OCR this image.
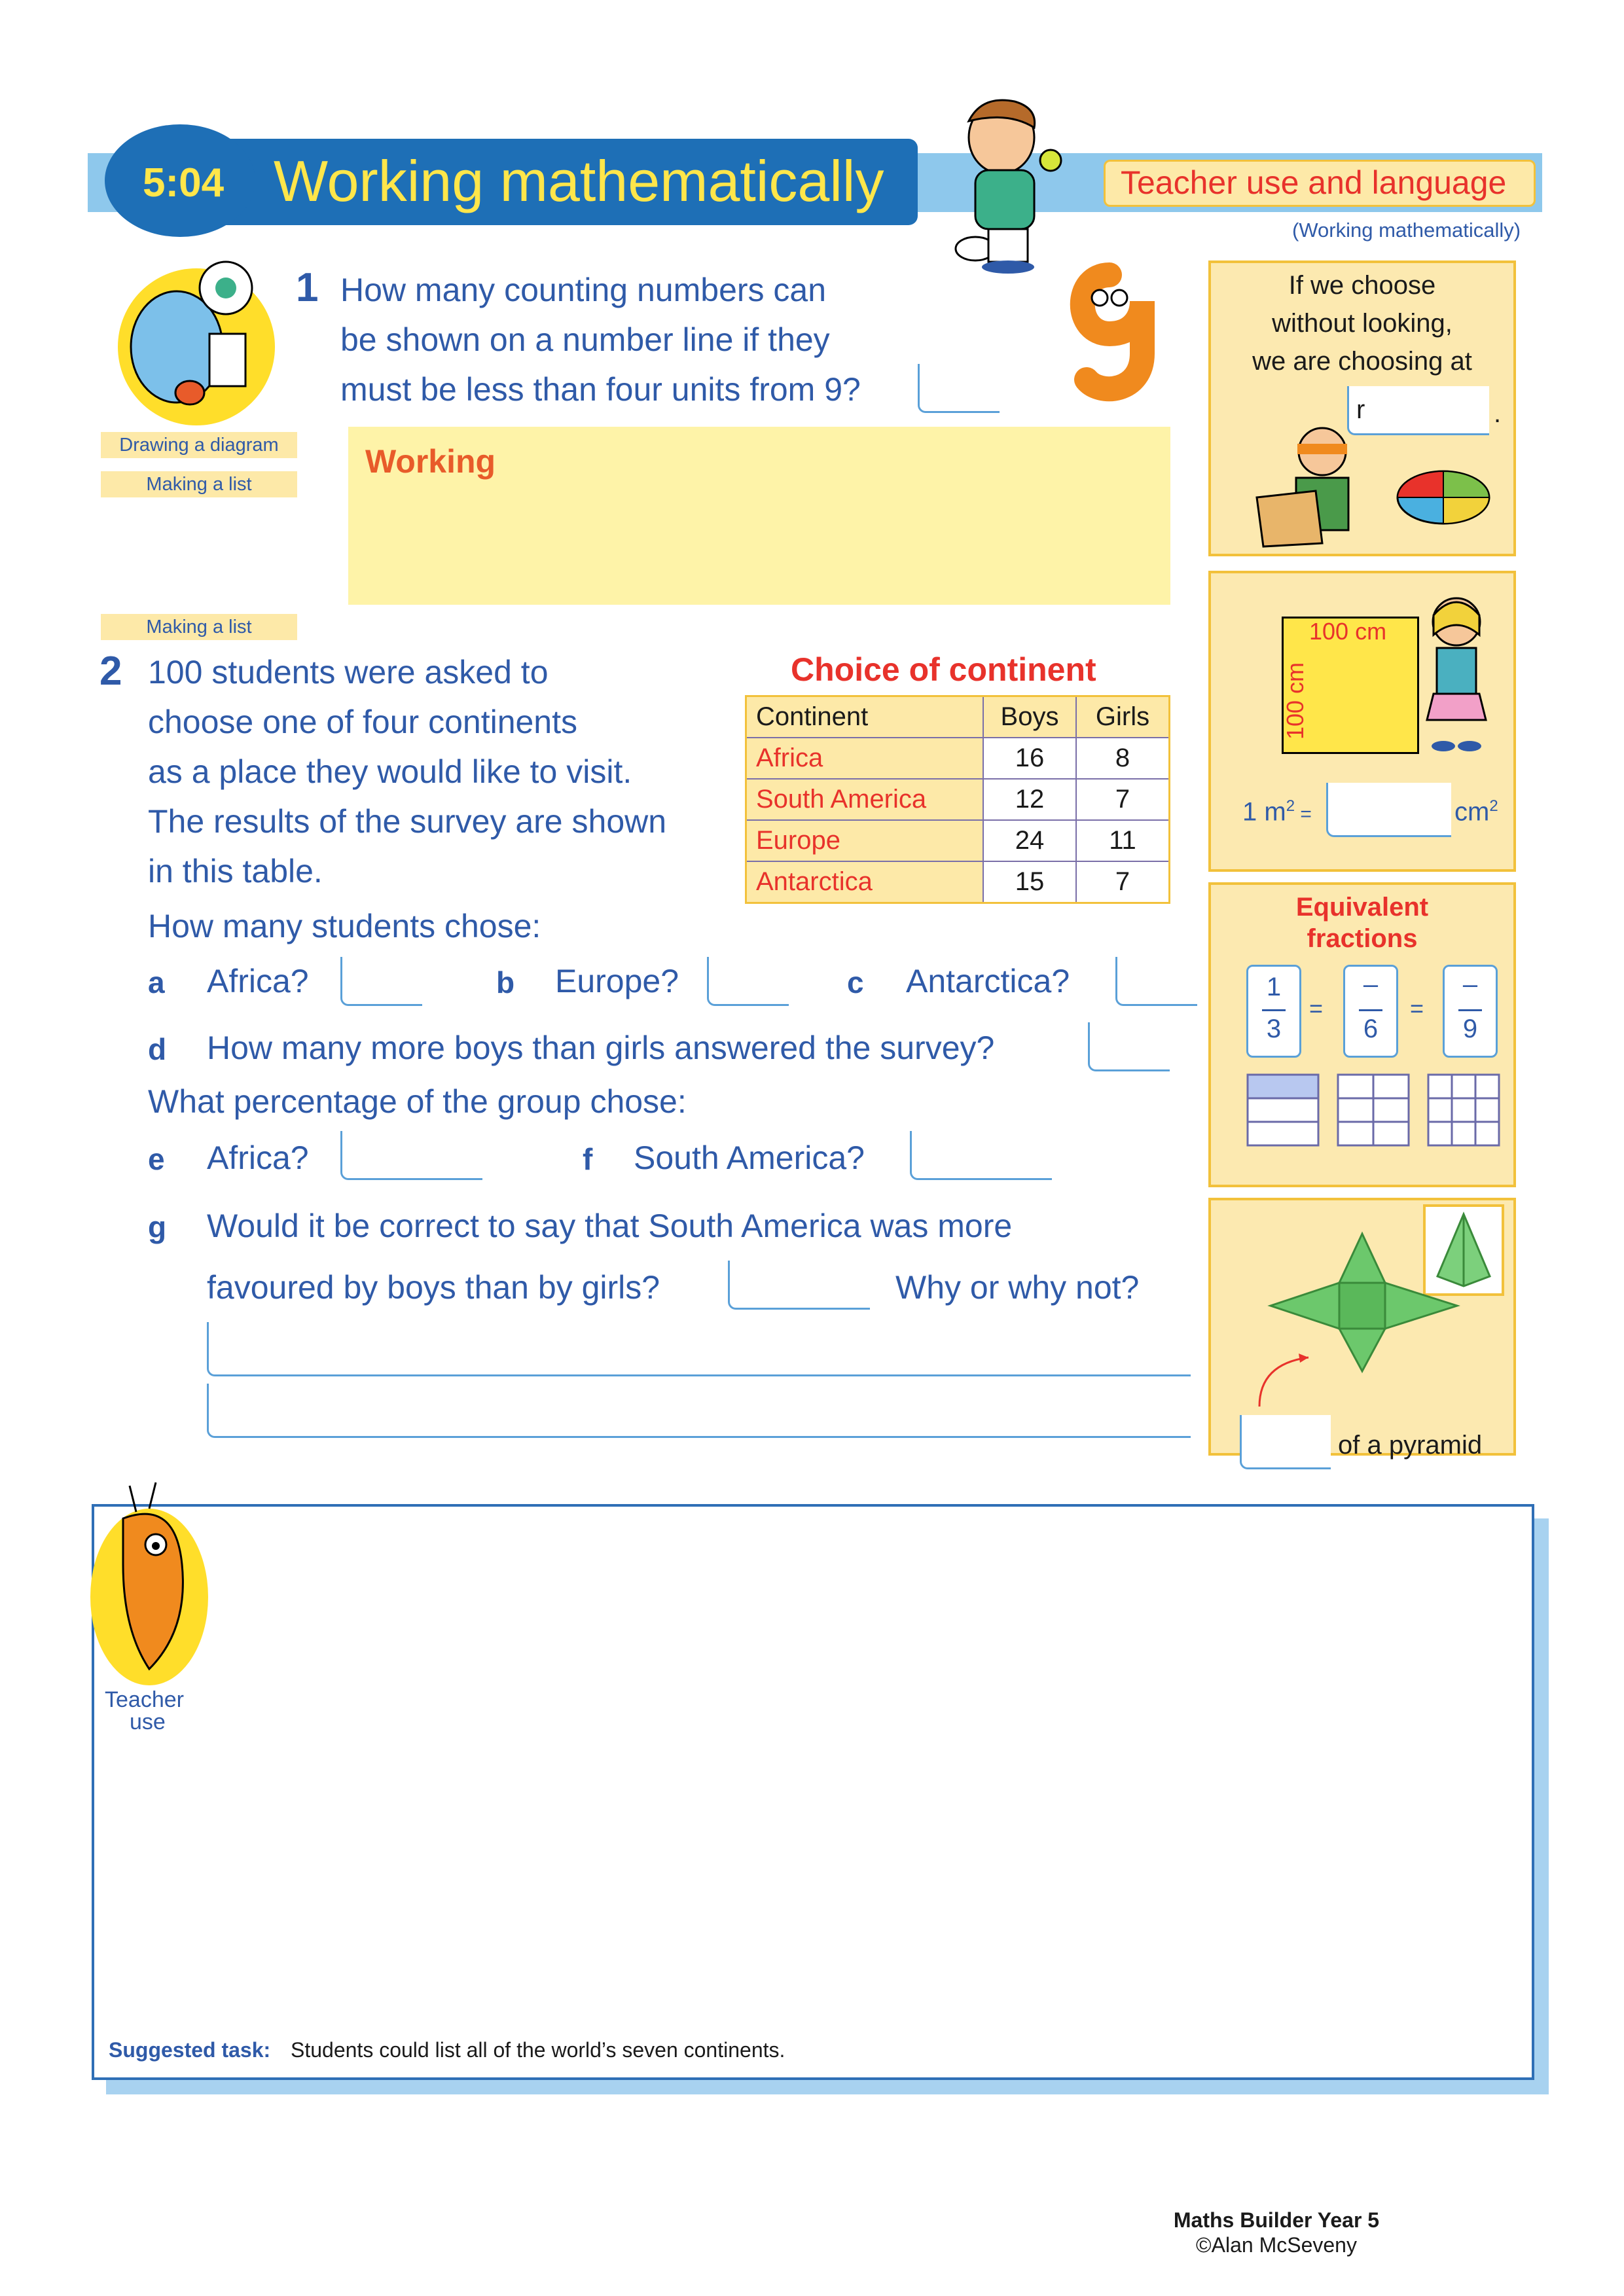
5:04 Working mathematically	Teacher use and language
(Working mathematically)
Drawing a diagram
Making a list
Making a list
1 How many counting numbers can
be shown on a number line if they
must be less than four units from 9?
Working
2 100 students were asked to
choose one of four continents
as a place they would like to visit.
The results of the survey are shown
in this table.
Choice of continent
Continent	Boys	Girls
Africa	16	8
South America	12	7
Europe	24	11
Antarctica	15	7
How many students chose:
a Africa?	b Europe?	c Antarctica?
d How many more boys than girls answered the survey?
What percentage of the group chose:
e Africa?	f South America?
g Would it be correct to say that South America was more
favoured by boys than by girls?	Why or why not?
If we choose
without looking,
we are choosing at
r	.
100 cm
100 cm
1 $m^2$ =	$cm^2$
Equivalent
fractions
1
3
=
–
6
=
–
9
of a pyramid
Teacher
use
Suggested task: Students could list all of the world’s seven continents.
Maths Builder Year 5
©Alan McSeveny
